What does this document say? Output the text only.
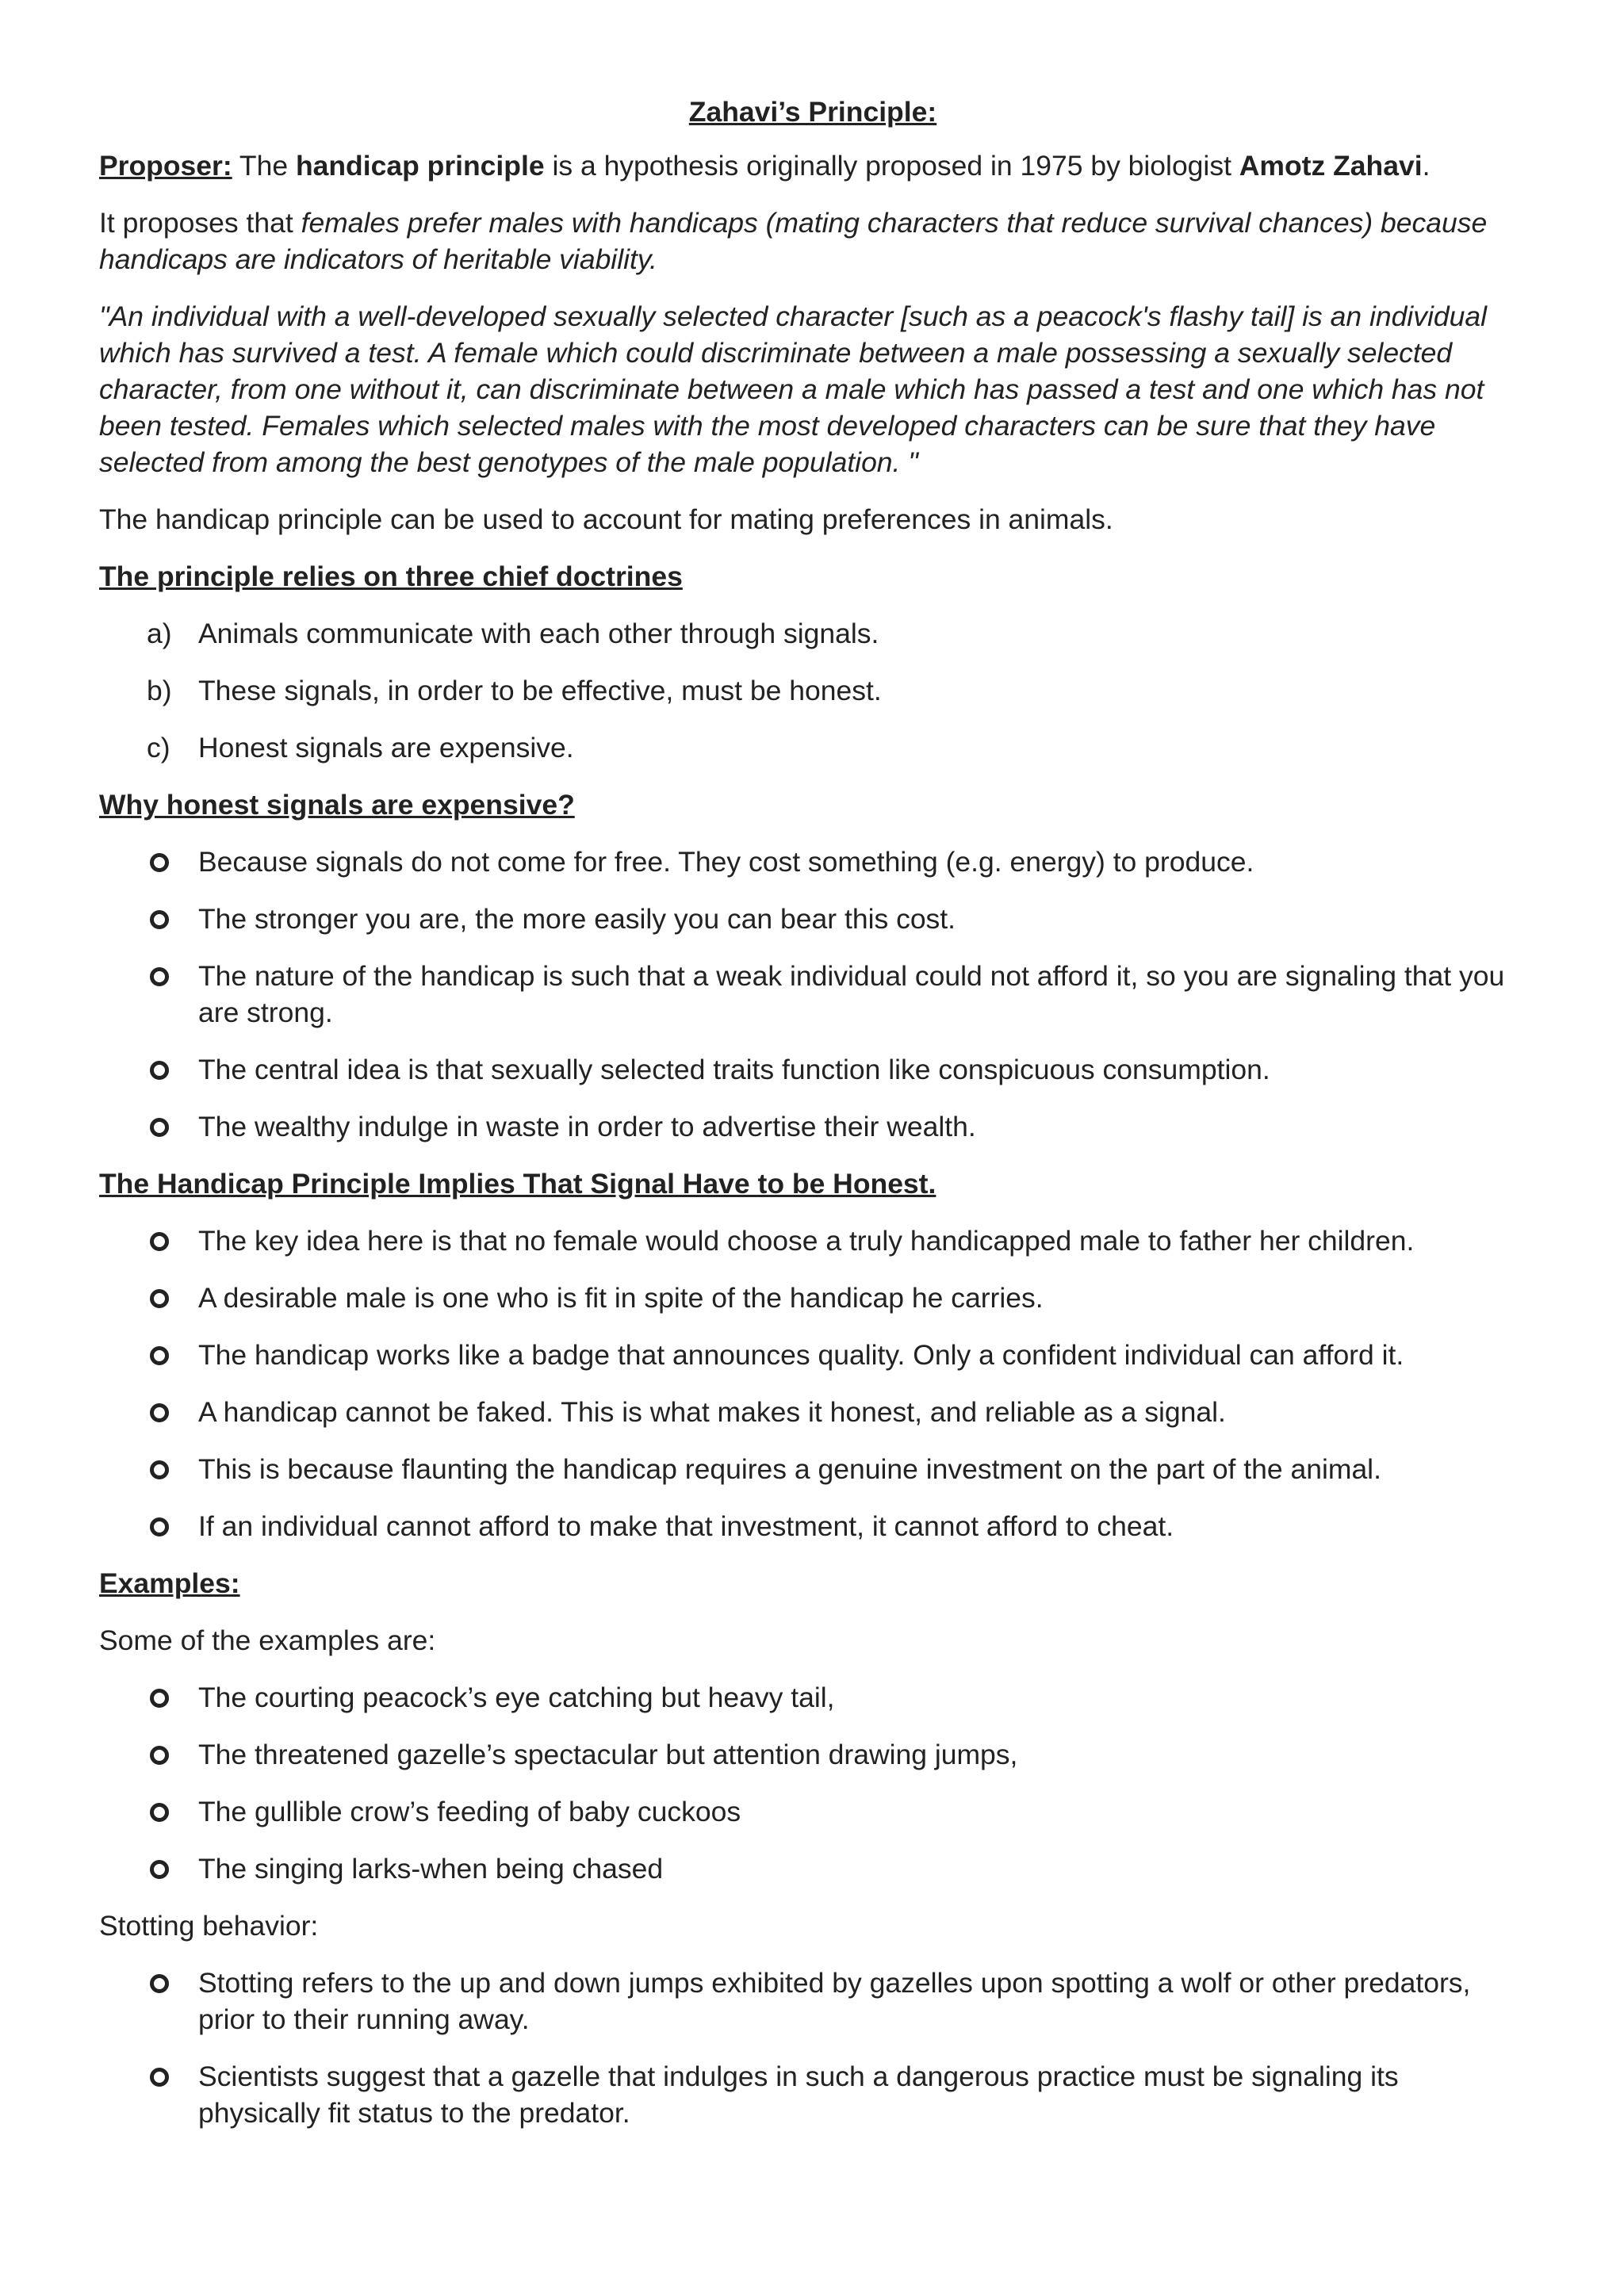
Zahavi’s Principle:

Proposer: The handicap principle is a hypothesis originally proposed in 1975 by biologist Amotz Zahavi.

It proposes that females prefer males with handicaps (mating characters that reduce survival chances) because handicaps are indicators of heritable viability.

"An individual with a well-developed sexually selected character [such as a peacock's flashy tail] is an individual which has survived a test. A female which could discriminate between a male possessing a sexually selected character, from one without it, can discriminate between a male which has passed a test and one which has not been tested. Females which selected males with the most developed characters can be sure that they have selected from among the best genotypes of the male population. "

The handicap principle can be used to account for mating preferences in animals.

The principle relies on three chief doctrines
a) Animals communicate with each other through signals.
b) These signals, in order to be effective, must be honest.
c) Honest signals are expensive.
Why honest signals are expensive?
Because signals do not come for free. They cost something (e.g. energy) to produce.
The stronger you are, the more easily you can bear this cost.
The nature of the handicap is such that a weak individual could not afford it, so you are signaling that you are strong.
The central idea is that sexually selected traits function like conspicuous consumption.
The wealthy indulge in waste in order to advertise their wealth.
The Handicap Principle Implies That Signal Have to be Honest.
The key idea here is that no female would choose a truly handicapped male to father her children.
A desirable male is one who is fit in spite of the handicap he carries.
The handicap works like a badge that announces quality. Only a confident individual can afford it.
A handicap cannot be faked. This is what makes it honest, and reliable as a signal.
This is because flaunting the handicap requires a genuine investment on the part of the animal.
If an individual cannot afford to make that investment, it cannot afford to cheat.
Examples:

Some of the examples are:

The courting peacock’s eye catching but heavy tail,
The threatened gazelle’s spectacular but attention drawing jumps,
The gullible crow’s feeding of baby cuckoos
The singing larks-when being chased

Stotting behavior:

Stotting refers to the up and down jumps exhibited by gazelles upon spotting a wolf or other predators, prior to their running away.
Scientists suggest that a gazelle that indulges in such a dangerous practice must be signaling its physically fit status to the predator.
